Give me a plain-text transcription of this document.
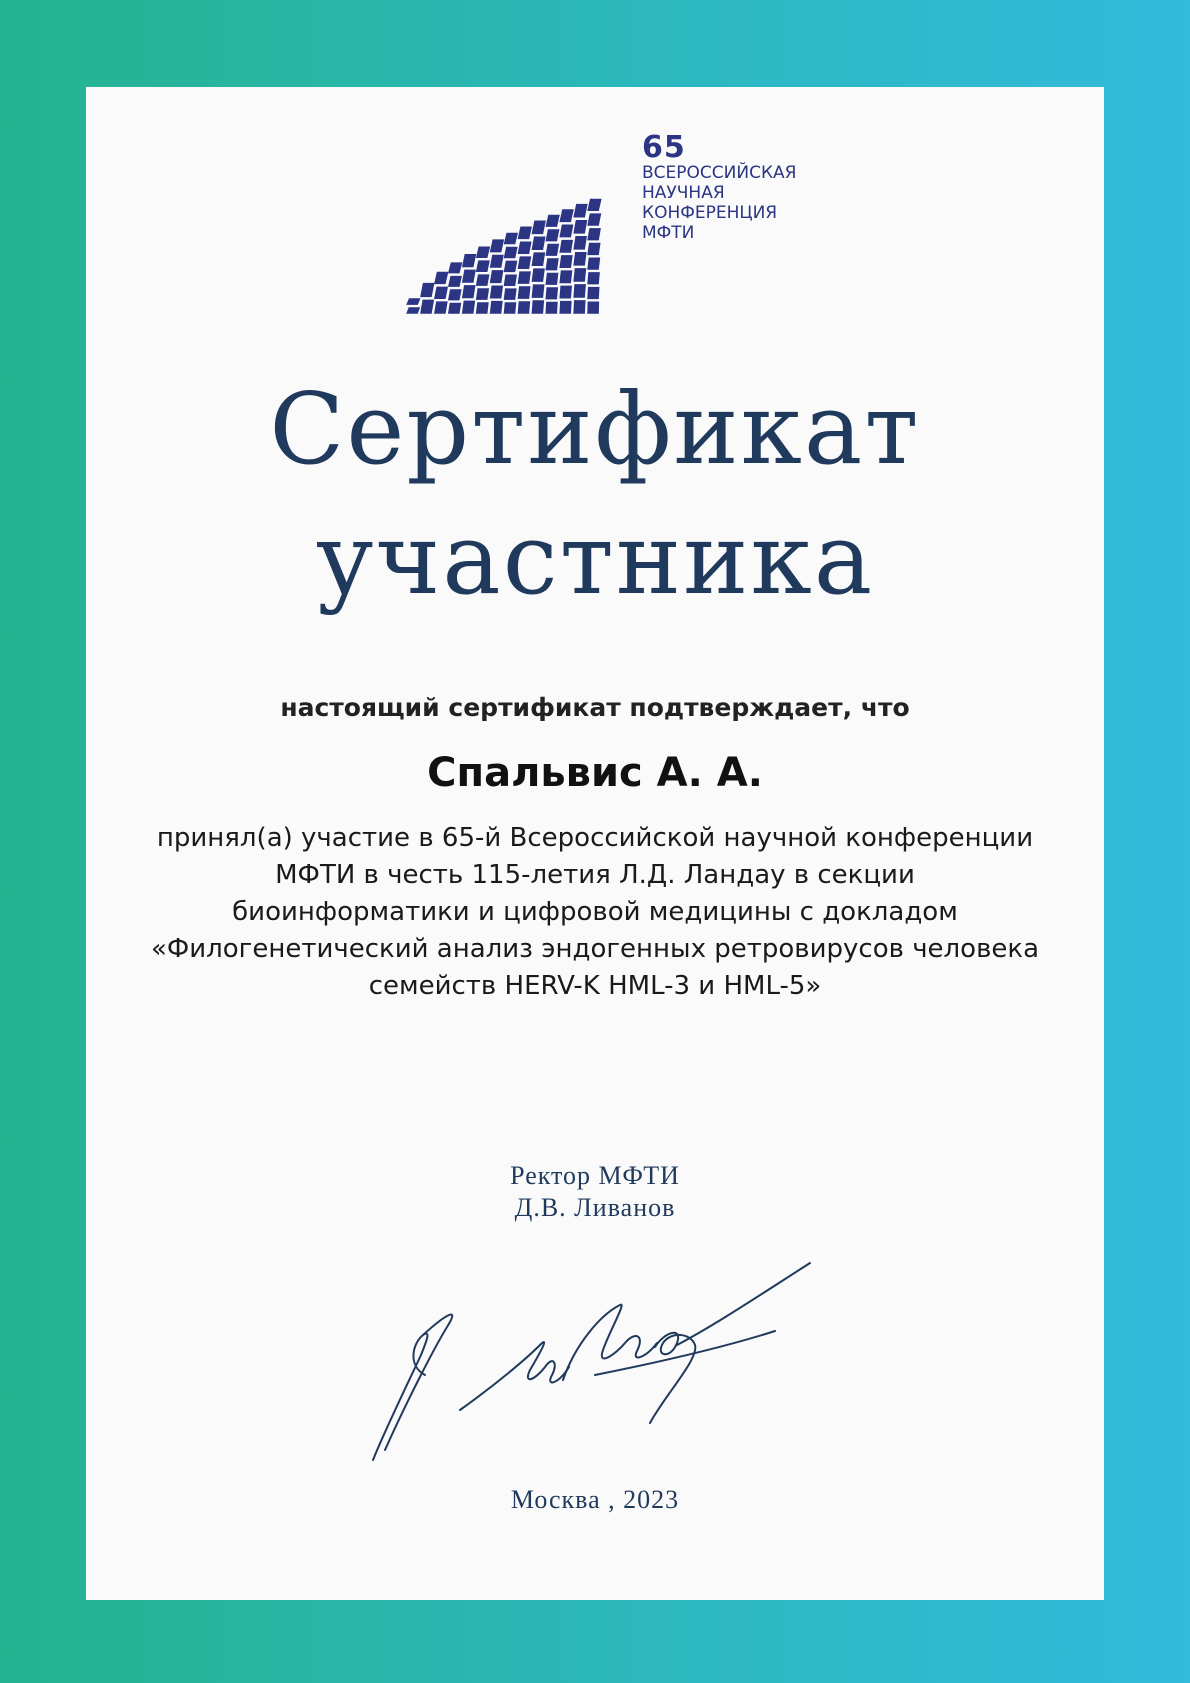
65
ВСЕРОССИЙСКАЯ
НАУЧНАЯ
КОНФЕРЕНЦИЯ
МФТИ
Сертификат
участника
настоящий сертификат подтверждает, что
Спальвис А. А.
принял(а) участие в 65-й Всероссийской научной конференции
МФТИ в честь 115-летия Л.Д. Ландау в секции
биоинформатики и цифровой медицины с докладом
«Филогенетический анализ эндогенных ретровирусов человека
семейств HERV-K HML-3 и HML-5»
Ректор МФТИ
Д.В. Ливанов
Москва , 2023
